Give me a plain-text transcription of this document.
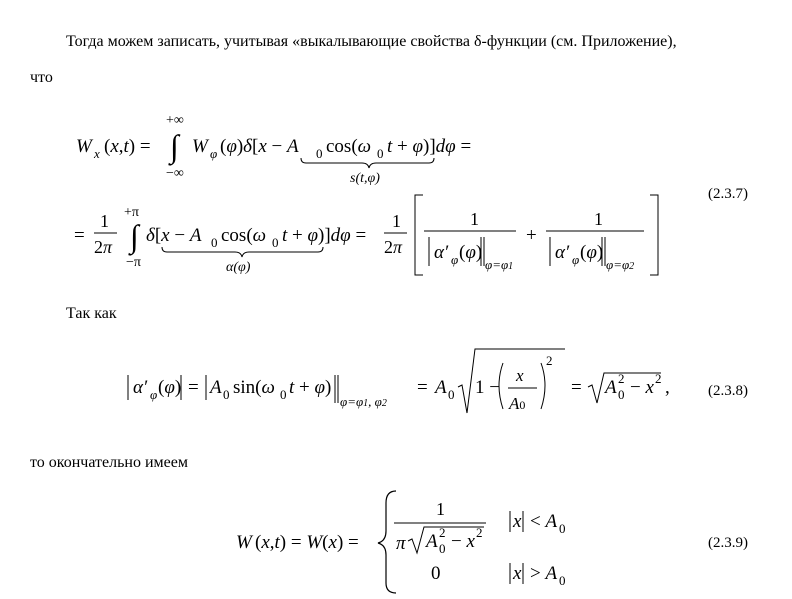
Тогда можем записать, учитывая «выкалывающие свойства δ-функции (см. Приложение),
что
W x (x,t) =
+∞
∫
−∞
W φ (φ)δ[x − A 0 cos(ω 0 t + φ)]dφ =
s(t,φ)
=
1
2π
+π
∫
−π
δ[x − A 0 cos(ω 0 t + φ)]dφ =
α(φ)
1
2π
1
α′ φ (φ)
φ=φ1
+
1
α′ φ (φ)
φ=φ2
(2.3.7)
Так как
α′ φ (φ) = A 0 sin(ω 0 t + φ)
φ=φ1, φ2
= A 0 1 −
x
A0
2
= A 0
2 − x 2 ,	(2.3.8)
то окончательно имеем
W (x,t) = W(x) =
1
π A 0
2 − x 2
x < A 0
0	x > A 0
(2.3.9)
